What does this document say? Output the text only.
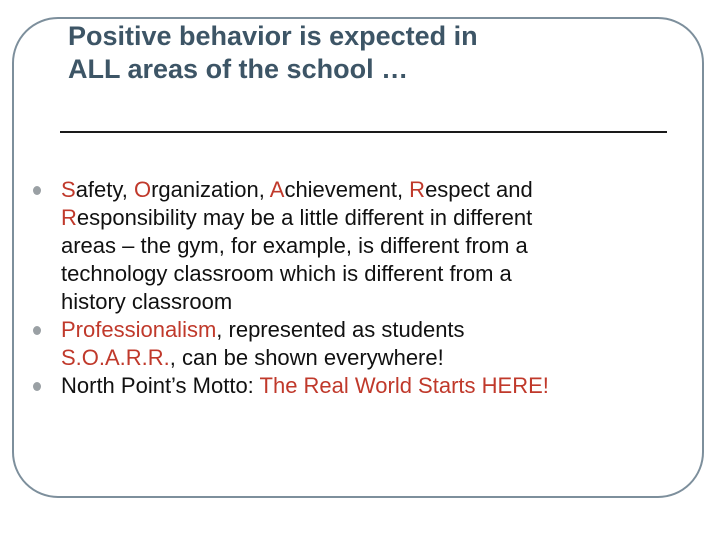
Positive behavior is expected in
ALL areas of the school …
Safety, Organization, Achievement, Respect and
Responsibility may be a little different in different
areas – the gym, for example, is different from a
technology classroom which is different from a
history classroom
Professionalism, represented as students
S.O.A.R.R., can be shown everywhere!
North Point’s Motto: The Real World Starts HERE!
